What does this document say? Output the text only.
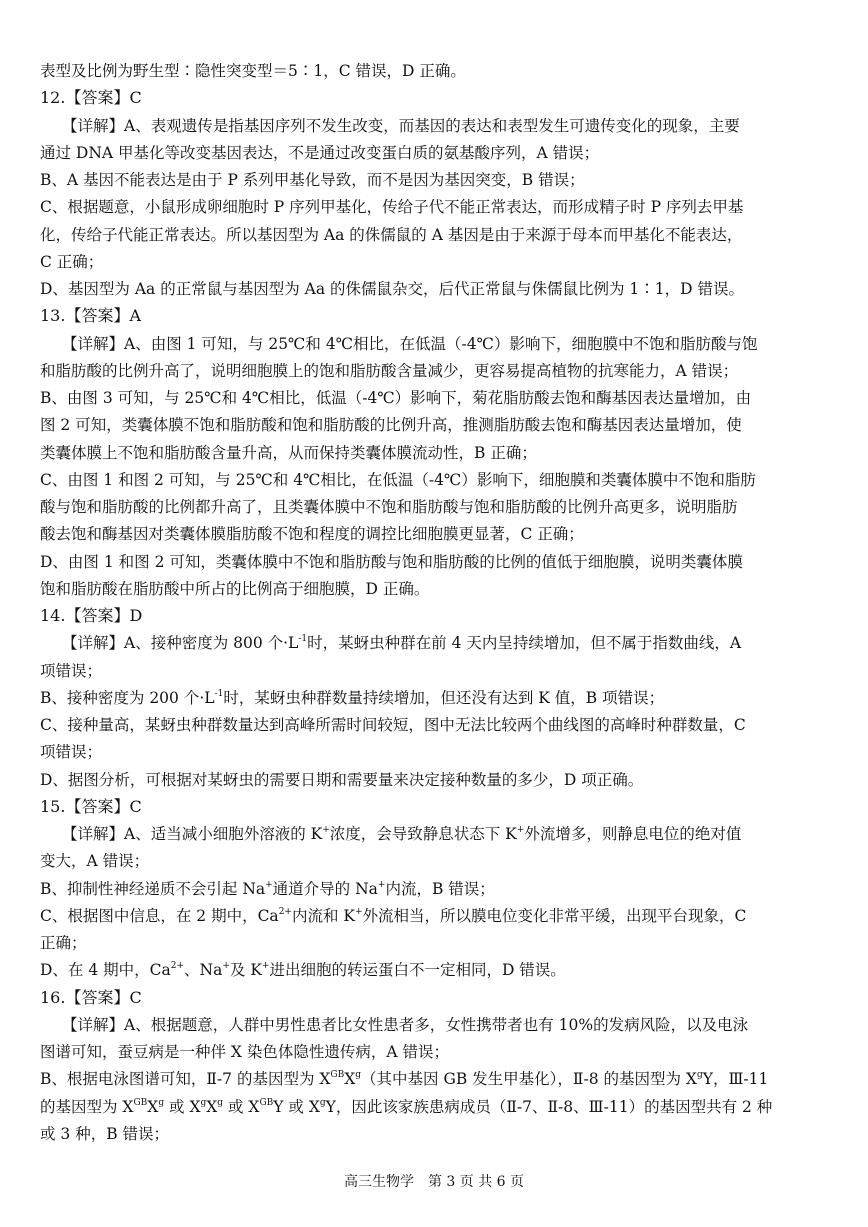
表型及比例为野生型∶隐性突变型＝5∶1，C 错误，D 正确。
12.【答案】C
【详解】A、表观遗传是指基因序列不发生改变，而基因的表达和表型发生可遗传变化的现象，主要
通过 DNA 甲基化等改变基因表达，不是通过改变蛋白质的氨基酸序列，A 错误；
B、A 基因不能表达是由于 P 系列甲基化导致，而不是因为基因突变，B 错误；
C、根据题意，小鼠形成卵细胞时 P 序列甲基化，传给子代不能正常表达，而形成精子时 P 序列去甲基
化，传给子代能正常表达。所以基因型为 Aa 的侏儒鼠的 A 基因是由于来源于母本而甲基化不能表达，
C 正确；
D、基因型为 Aa 的正常鼠与基因型为 Aa 的侏儒鼠杂交，后代正常鼠与侏儒鼠比例为 1∶1，D 错误。
13.【答案】A
【详解】A、由图 1 可知，与 25℃和 4℃相比，在低温（-4℃）影响下，细胞膜中不饱和脂肪酸与饱
和脂肪酸的比例升高了，说明细胞膜上的饱和脂肪酸含量减少，更容易提高植物的抗寒能力，A 错误；
B、由图 3 可知，与 25℃和 4℃相比，低温（-4℃）影响下，菊花脂肪酸去饱和酶基因表达量增加，由
图 2 可知，类囊体膜不饱和脂肪酸和饱和脂肪酸的比例升高，推测脂肪酸去饱和酶基因表达量增加，使
类囊体膜上不饱和脂肪酸含量升高，从而保持类囊体膜流动性，B 正确；
C、由图 1 和图 2 可知，与 25℃和 4℃相比，在低温（-4℃）影响下，细胞膜和类囊体膜中不饱和脂肪
酸与饱和脂肪酸的比例都升高了，且类囊体膜中不饱和脂肪酸与饱和脂肪酸的比例升高更多，说明脂肪
酸去饱和酶基因对类囊体膜脂肪酸不饱和程度的调控比细胞膜更显著，C 正确；
D、由图 1 和图 2 可知，类囊体膜中不饱和脂肪酸与饱和脂肪酸的比例的值低于细胞膜，说明类囊体膜
饱和脂肪酸在脂肪酸中所占的比例高于细胞膜，D 正确。
14.【答案】D
【详解】A、接种密度为 800 个$\cdot L^{-1}$时，某蚜虫种群在前 4 天内呈持续增加，但不属于指数曲线，A
项错误；
B、接种密度为 200 个$\cdot L^{-1}$时，某蚜虫种群数量持续增加，但还没有达到 K 值，B 项错误；
C、接种量高，某蚜虫种群数量达到高峰所需时间较短，图中无法比较两个曲线图的高峰时种群数量，C
项错误；
D、据图分析，可根据对某蚜虫的需要日期和需要量来决定接种数量的多少，D 项正确。
15.【答案】C
【详解】A、适当减小细胞外溶液的 K+浓度，会导致静息状态下 K+外流增多，则静息电位的绝对值
变大，A 错误；
B、抑制性神经递质不会引起 Na+通道介导的 Na+内流，B 错误；
C、根据图中信息，在 2 期中，$Ca^{2+}$内流和 K+外流相当，所以膜电位变化非常平缓，出现平台现象，C
正确；
D、在 4 期中，$Ca^{2+}$、Na+及 K+进出细胞的转运蛋白不一定相同，D 错误。
16.【答案】C
【详解】A、根据题意，人群中男性患者比女性患者多，女性携带者也有 10%的发病风险，以及电泳
图谱可知，蚕豆病是一种伴 X 染色体隐性遗传病，A 错误；
B、根据电泳图谱可知，Ⅱ-7 的基因型为 $X^{GB}X^g$（其中基因 GB 发生甲基化），Ⅱ-8 的基因型为 $X^gY$，Ⅲ-11
的基因型为 $X^{GB}X^g$ 或 $X^gX^g$ 或 $X^{GB}Y$ 或 $X^gY$，因此该家族患病成员（Ⅱ-7、Ⅱ-8、Ⅲ-11）的基因型共有 2 种
或 3 种，B 错误；
高三生物学　第 3 页 共 6 页
